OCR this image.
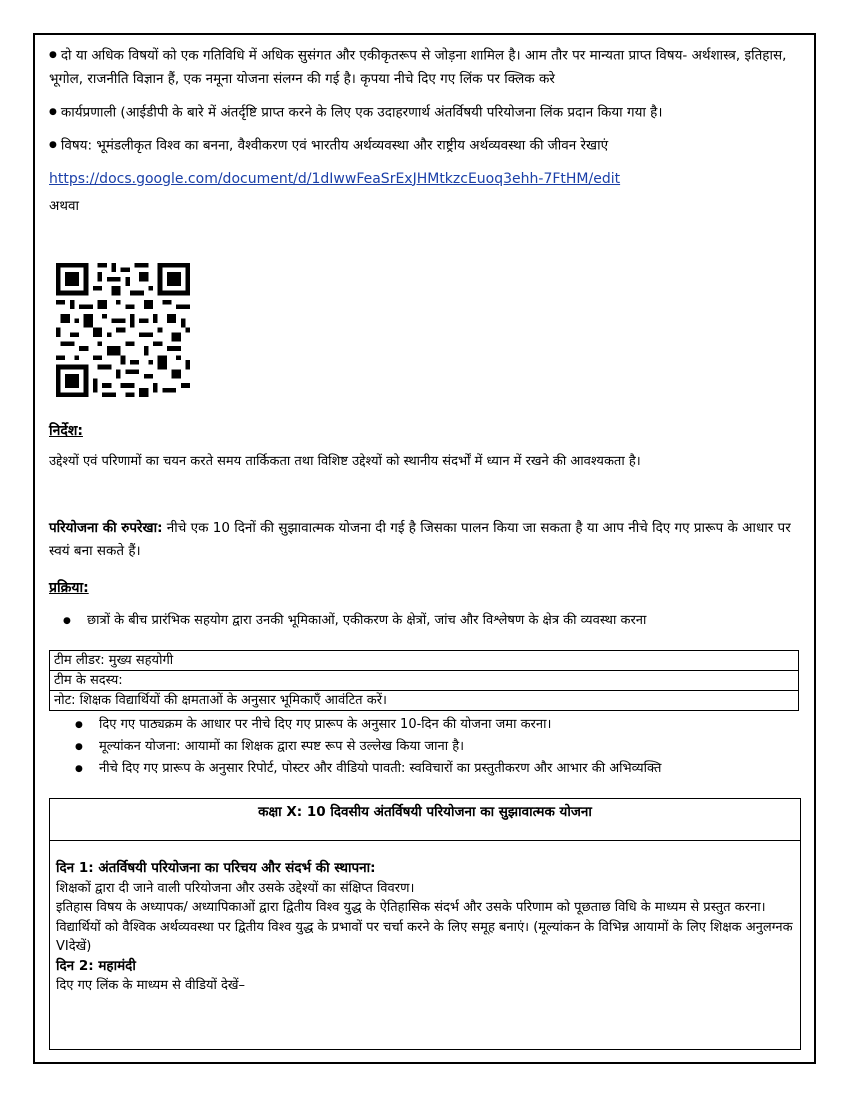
● दो या अधिक विषयों को एक गतिविधि में अधिक सुसंगत और एकीकृतरूप से जोड़ना शामिल है। आम तौर पर मान्यता प्राप्त विषय- अर्थशास्त्र, इतिहास, भूगोल, राजनीति विज्ञान हैं, एक नमूना योजना संलग्न की गई है। कृपया नीचे दिए गए लिंक पर क्लिक करे

● कार्यप्रणाली (आईडीपी के बारे में अंतर्दृष्टि प्राप्त करने के लिए एक उदाहरणार्थ अंतर्विषयी परियोजना लिंक प्रदान किया गया है।

● विषय: भूमंडलीकृत विश्व का बनना, वैश्वीकरण एवं भारतीय अर्थव्यवस्था और राष्ट्रीय अर्थव्यवस्था की जीवन रेखाएं

https://docs.google.com/document/d/1dIwwFeaSrExJHMtkzcEuoq3ehh-7FtHM/edit

अथवा

निर्देश:

उद्देश्यों एवं परिणामों का चयन करते समय तार्किकता तथा विशिष्ट उद्देश्यों को स्थानीय संदर्भों में ध्यान में रखने की आवश्यकता है।

परियोजना की रुपरेखा: नीचे एक 10 दिनों की सुझावात्मक योजना दी गई है जिसका पालन किया जा सकता है या आप नीचे दिए गए प्रारूप के आधार पर स्वयं बना सकते हैं।

प्रक्रिया:

● छात्रों के बीच प्रारंभिक सहयोग द्वारा उनकी भूमिकाओं, एकीकरण के क्षेत्रों, जांच और विश्लेषण के क्षेत्र की व्यवस्था करना
टीम लीडर: मुख्य सहयोगी
टीम के सदस्य:
नोट: शिक्षक विद्यार्थियों की क्षमताओं के अनुसार भूमिकाएँ आवंटित करें।
● दिए गए पाठ्यक्रम के आधार पर नीचे दिए गए प्रारूप के अनुसार 10-दिन की योजना जमा करना।
● मूल्यांकन योजना: आयामों का शिक्षक द्वारा स्पष्ट रूप से उल्लेख किया जाना है।
● नीचे दिए गए प्रारूप के अनुसार रिपोर्ट, पोस्टर और वीडियो पावती: स्वविचारों का प्रस्तुतीकरण और आभार की अभिव्यक्ति
कक्षा X: 10 दिवसीय अंतर्विषयी परियोजना का सुझावात्मक योजना

दिन 1: अंतर्विषयी परियोजना का परिचय और संदर्भ की स्थापना:

शिक्षकों द्वारा दी जाने वाली परियोजना और उसके उद्देश्यों का संक्षिप्त विवरण।

इतिहास विषय के अध्यापक/ अध्यापिकाओं द्वारा द्वितीय विश्व युद्ध के ऐतिहासिक संदर्भ और उसके परिणाम को पूछताछ विधि के माध्यम से प्रस्तुत करना।

विद्यार्थियों को वैश्विक अर्थव्यवस्था पर द्वितीय विश्व युद्ध के प्रभावों पर चर्चा करने के लिए समूह बनाएं। (मूल्यांकन के विभिन्न आयामों के लिए शिक्षक अनुलग्नक VIदेखें)

दिन 2: महामंदी

दिए गए लिंक के माध्यम से वीडियों देखें–
